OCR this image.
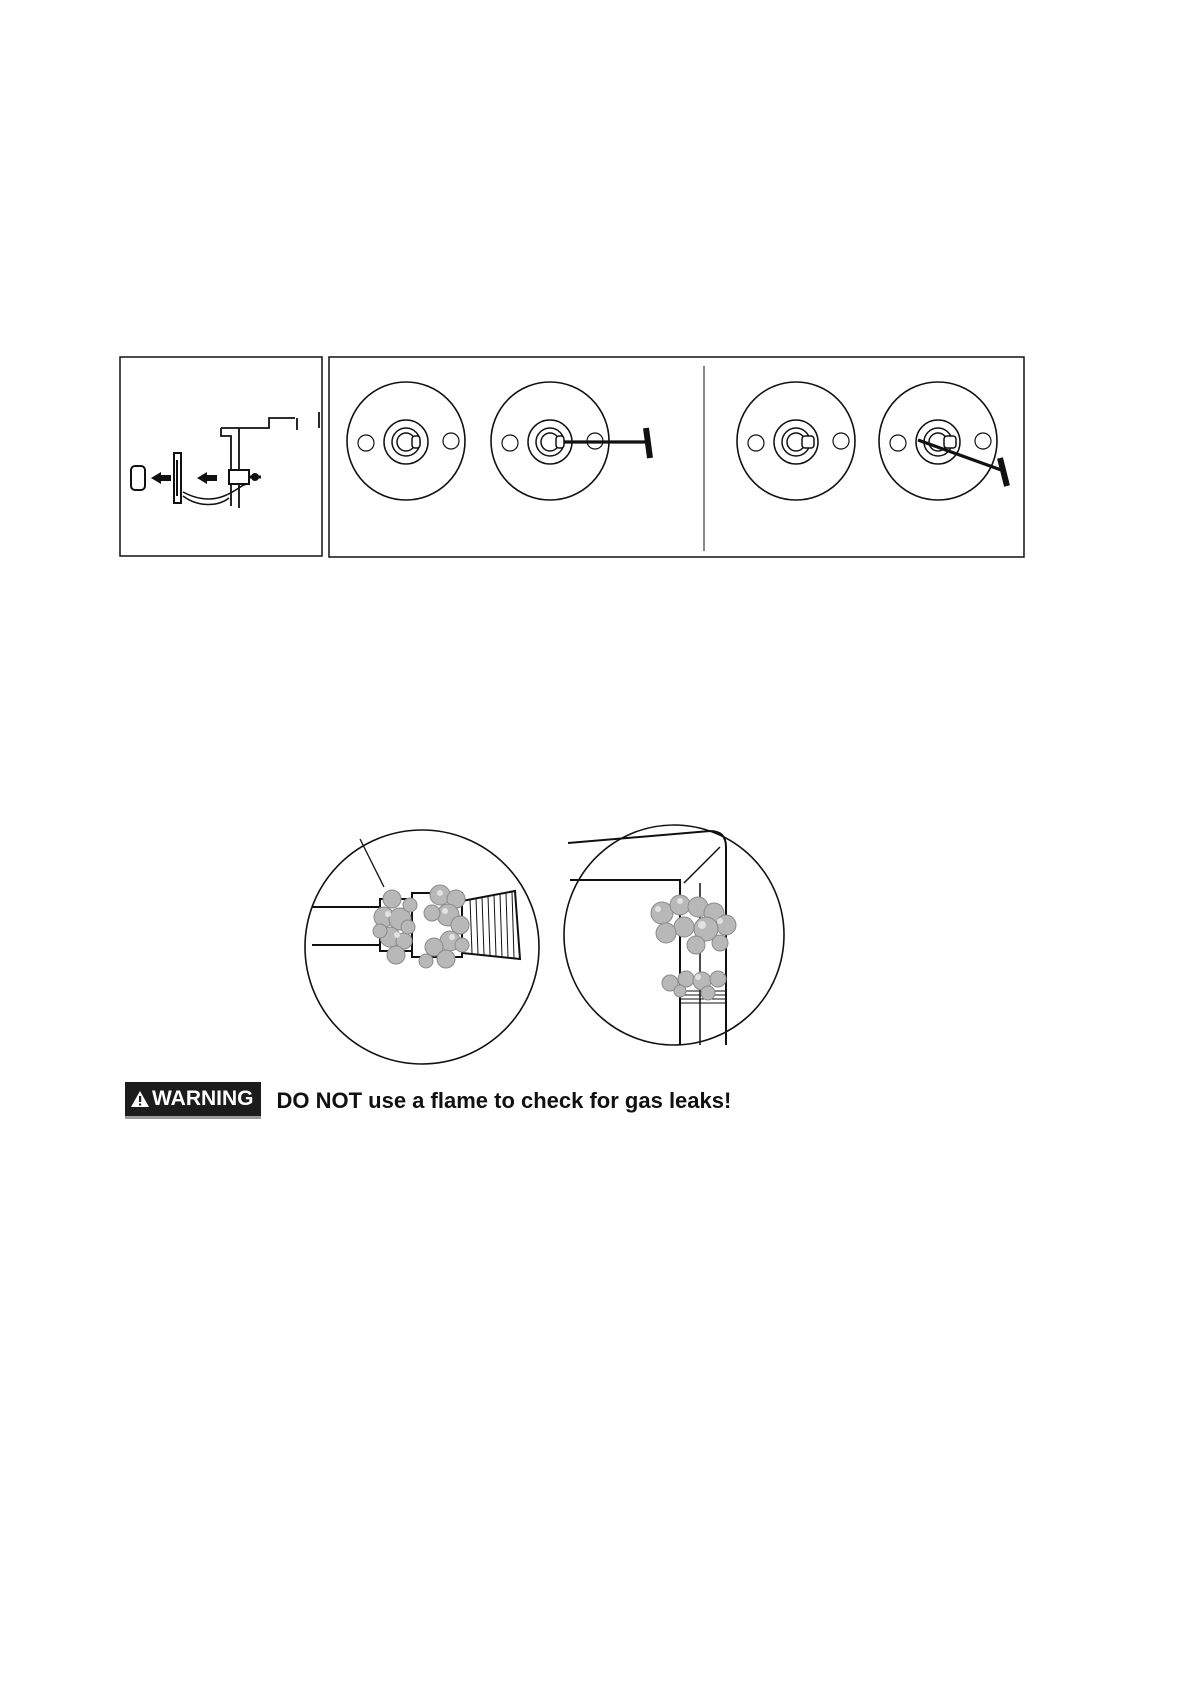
WARNING DO NOT use a flame to check for gas leaks!
